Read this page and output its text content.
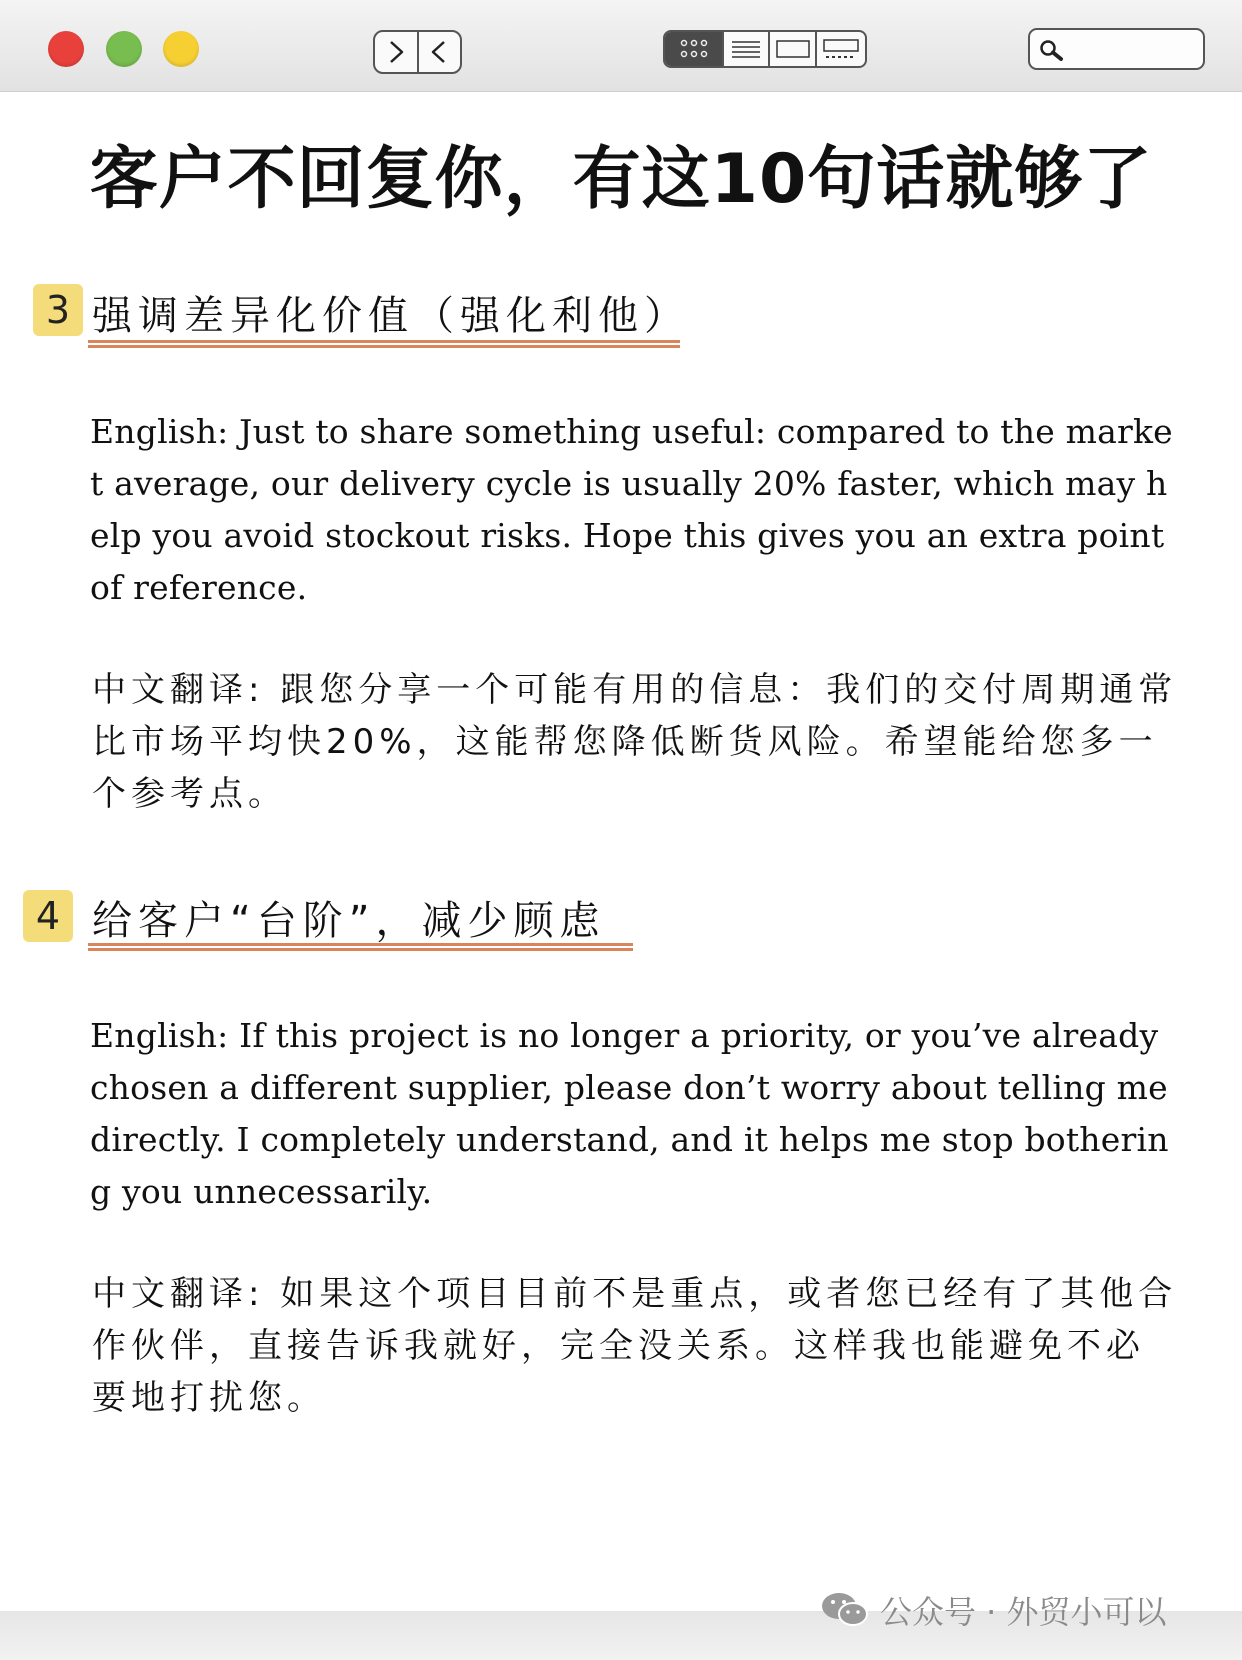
客户不回复你，有这10句话就够了
3 强调差异化价值（强化利他）
English: Just to share something useful: compared to the market average, our delivery cycle is usually 20% faster, which may help you avoid stockout risks. Hope this gives you an extra point of reference.
中文翻译: 跟您分享一个可能有用的信息：我们的交付周期通常比市场平均快20%，这能帮您降低断货风险。希望能给您多一个参考点。
4 给客户“台阶”，减少顾虑
English: If this project is no longer a priority, or you’ve already chosen a different supplier, please don’t worry about telling me directly. I completely understand, and it helps me stop bothering you unnecessarily.
中文翻译: 如果这个项目目前不是重点，或者您已经有了其他合作伙伴，直接告诉我就好，完全没关系。这样我也能避免不必要地打扰您。
公众号 · 外贸小可以
